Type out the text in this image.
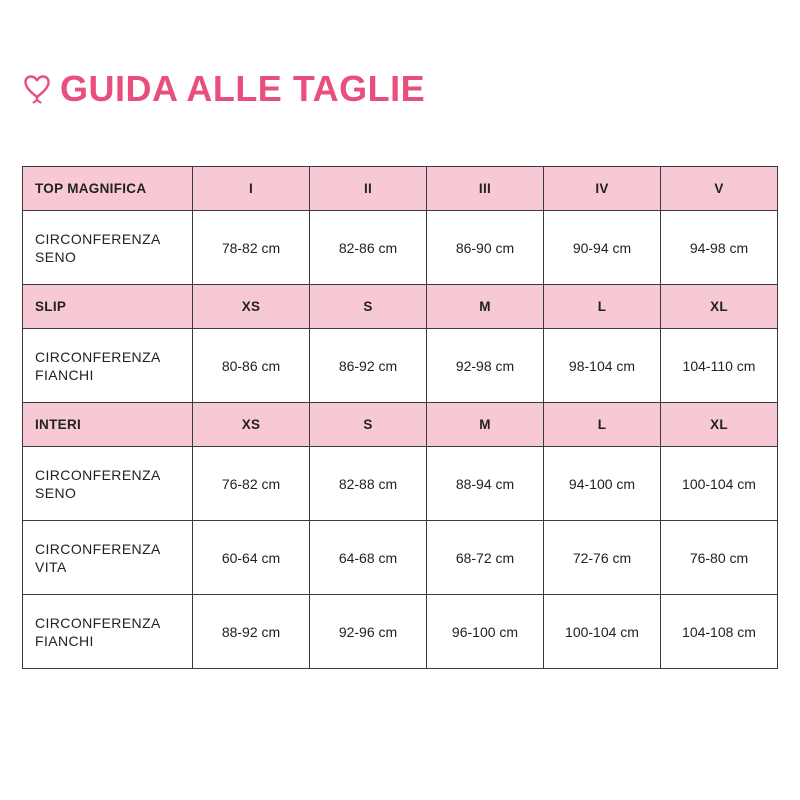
GUIDA ALLE TAGLIE
TOP MAGNIFICA	I	II	III	IV	V

CIRCONFERENZA
SENO	78-82 cm	82-86 cm	86-90 cm	90-94 cm	94-98 cm
SLIP	XS	S	M	L	XL

CIRCONFERENZA
FIANCHI	80-86 cm	86-92 cm	92-98 cm	98-104 cm	104-110 cm
INTERI	XS	S	M	L	XL

CIRCONFERENZA
SENO	76-82 cm	82-88 cm	88-94 cm	94-100 cm	100-104 cm

CIRCONFERENZA
VITA	60-64 cm	64-68 cm	68-72 cm	72-76 cm	76-80 cm

CIRCONFERENZA
FIANCHI	88-92 cm	92-96 cm	96-100 cm	100-104 cm	104-108 cm
